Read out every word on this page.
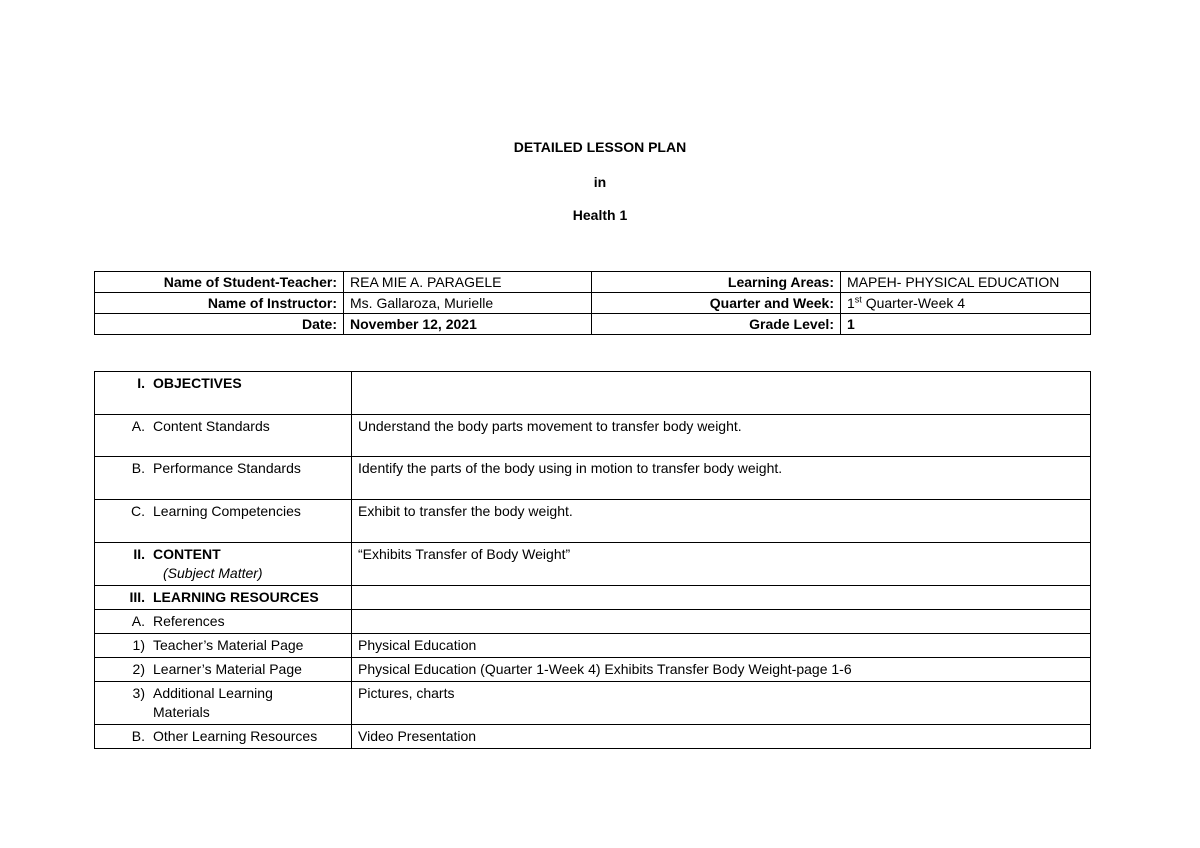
DETAILED LESSON PLAN
in
Health 1
Name of Student-Teacher:	REA MIE A. PARAGELE	Learning Areas:	MAPEH- PHYSICAL EDUCATION
Name of Instructor:	Ms. Gallaroza, Murielle	Quarter and Week:	1st Quarter-Week 4
Date:	November 12, 2021	Grade Level:	1
I. OBJECTIVES	
A. Content Standards	Understand the body parts movement to transfer body weight.
B. Performance Standards	Identify the parts of the body using in motion to transfer body weight.
C. Learning Competencies	Exhibit to transfer the body weight.
II. CONTENT
(Subject Matter)	“Exhibits Transfer of Body Weight”
III. LEARNING RESOURCES	
A. References	
1) Teacher’s Material Page	Physical Education
2) Learner’s Material Page	Physical Education (Quarter 1-Week 4) Exhibits Transfer Body Weight-page 1-6
3) Additional Learning Materials	Pictures, charts
B. Other Learning Resources	Video Presentation
